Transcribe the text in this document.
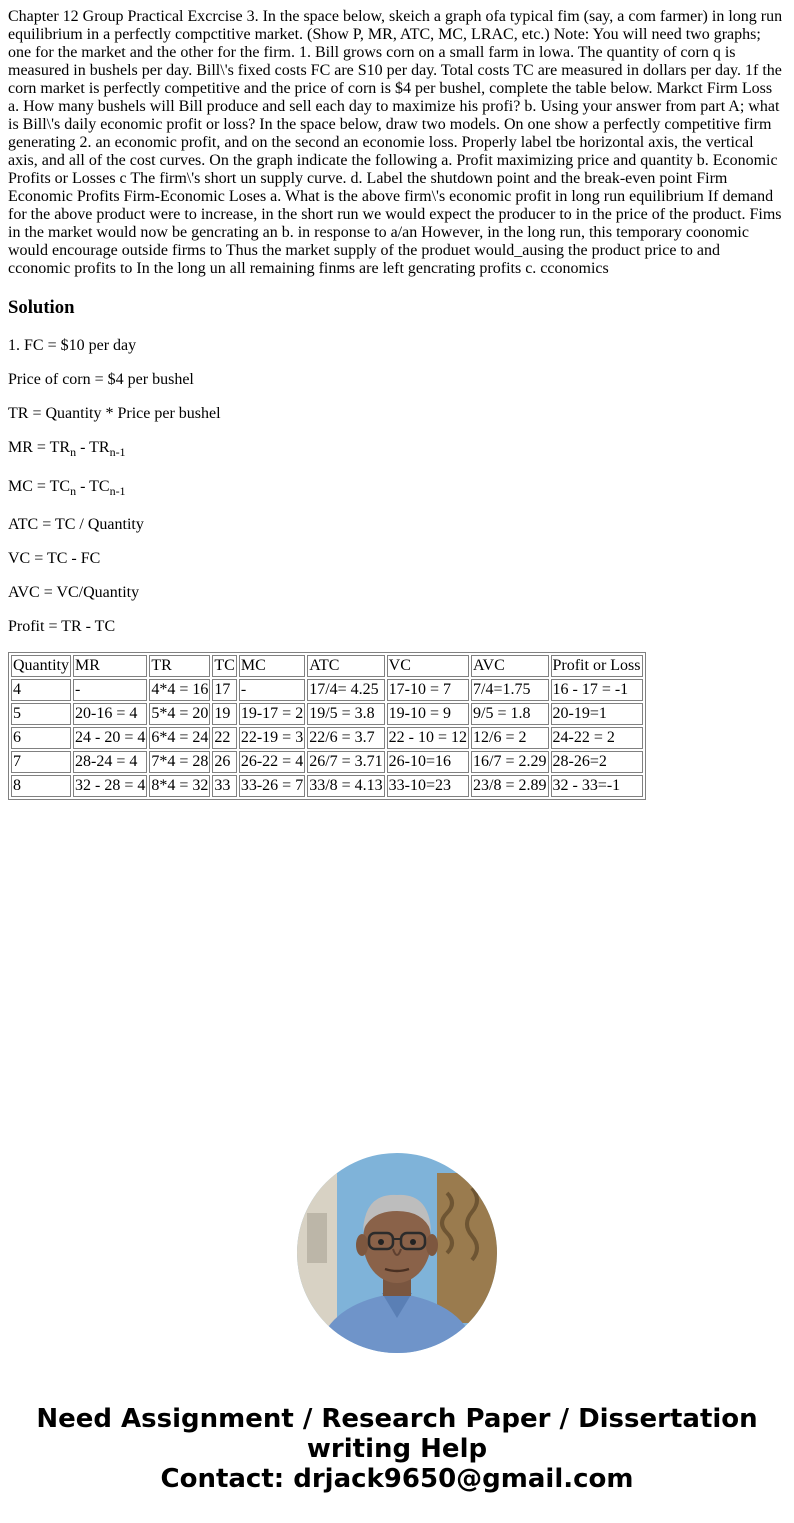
Chapter 12 Group Practical Excrcise 3. In the space below, skeich a graph ofa typical fim (say, a com farmer) in long run equilibrium in a perfectly compctitive market. (Show P, MR, ATC, MC, LRAC, etc.) Note: You will need two graphs; one for the market and the other for the firm. 1. Bill grows corn on a small farm in lowa. The quantity of corn q is measured in bushels per day. Bill\'s fixed costs FC are S10 per day. Total costs TC are measured in dollars per day. 1f the corn market is perfectly competitive and the price of corn is $4 per bushel, complete the table below. Markct Firm Loss a. How many bushels will Bill produce and sell each day to maximize his profi? b. Using your answer from part A; what is Bill\'s daily economic profit or loss? In the space below, draw two models. On one show a perfectly competitive firm generating 2. an economic profit, and on the second an economie loss. Properly label tbe horizontal axis, the vertical axis, and all of the cost curves. On the graph indicate the following a. Profit maximizing price and quantity b. Economic Profits or Losses c The firm\'s short un supply curve. d. Label the shutdown point and the break-even point Firm Economic Profits Firm-Economic Loses a. What is the above firm\'s economic profit in long run equilibrium If demand for the above product were to increase, in the short run we would expect the producer to in the price of the product. Fims in the market would now be gencrating an b. in response to a/an However, in the long run, this temporary coonomic would encourage outside firms to Thus the market supply of the produet would_ausing the product price to and cconomic profits to In the long un all remaining finms are left gencrating profits c. cconomics

Solution

1. FC = $10 per day

Price of corn = $4 per bushel

TR = Quantity * Price per bushel

MR = $TR_n - TR_{n-1}$

MC = $TC_n - TC_{n-1}$

ATC = TC / Quantity

VC = TC - FC

AVC = VC/Quantity

Profit = TR - TC

Quantity	MR	TR	TC	MC	ATC	VC	AVC	Profit or Loss
4	-	4*4 = 16	17	-	17/4= 4.25	17-10 = 7	7/4=1.75	16 - 17 = -1
5	20-16 = 4	5*4 = 20	19	19-17 = 2	19/5 = 3.8	19-10 = 9	9/5 = 1.8	20-19=1
6	24 - 20 = 4	6*4 = 24	22	22-19 = 3	22/6 = 3.7	22 - 10 = 12	12/6 = 2	24-22 = 2
7	28-24 = 4	7*4 = 28	26	26-22 = 4	26/7 = 3.71	26-10=16	16/7 = 2.29	28-26=2
8	32 - 28 = 4	8*4 = 32	33	33-26 = 7	33/8 = 4.13	33-10=23	23/8 = 2.89	32 - 33=-1

Need Assignment / Research Paper / Dissertation
writing Help
Contact: drjack9650@gmail.com
